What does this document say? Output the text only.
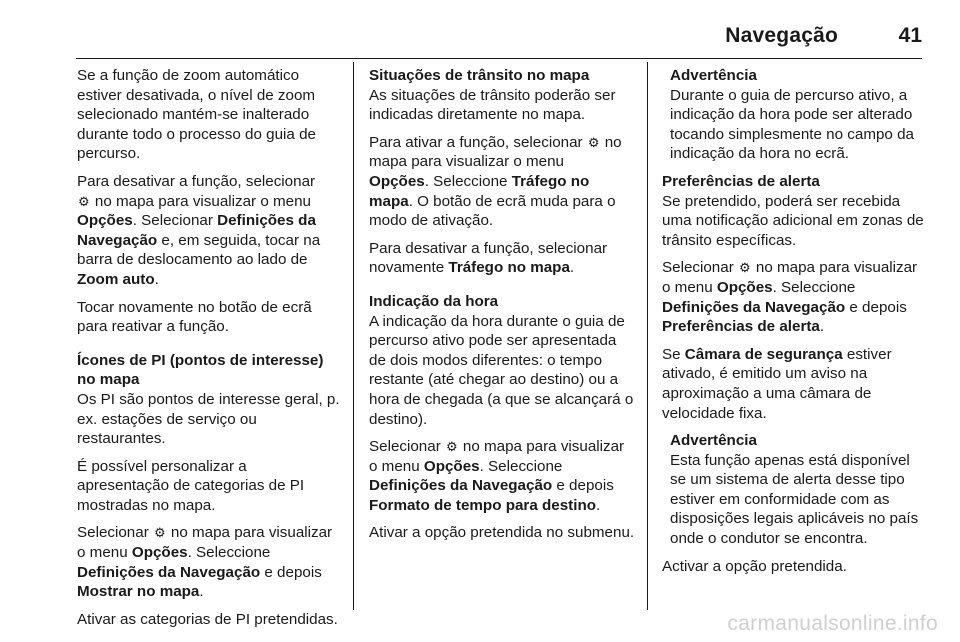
Navegação	41

Se a função de zoom automático estiver desativada, o nível de zoom selecionado mantém-se inalterado durante todo o processo do guia de percurso.

Para desativar a função, selecionar
⚙ no mapa para visualizar o menu Opções. Selecionar Definições da Navegação e, em seguida, tocar na barra de deslocamento ao lado de Zoom auto.

Tocar novamente no botão de ecrã para reativar a função.

Ícones de PI (pontos de interesse) no mapa

Os PI são pontos de interesse geral, p. ex. estações de serviço ou restaurantes.

É possível personalizar a apresentação de categorias de PI mostradas no mapa.

Selecionar ⚙ no mapa para visualizar o menu Opções. Seleccione
Definições da Navegação e depois
Mostrar no mapa.

Ativar as categorias de PI pretendidas.

Situações de trânsito no mapa

As situações de trânsito poderão ser indicadas diretamente no mapa.

Para ativar a função, selecionar ⚙ no mapa para visualizar o menu
Opções. Seleccione Tráfego no mapa. O botão de ecrã muda para o modo de ativação.

Para desativar a função, selecionar novamente Tráfego no mapa.

Indicação da hora

A indicação da hora durante o guia de percurso ativo pode ser apresentada de dois modos diferentes: o tempo restante (até chegar ao destino) ou a hora de chegada (a que se alcançará o destino).

Selecionar ⚙ no mapa para visualizar o menu Opções. Seleccione
Definições da Navegação e depois
Formato de tempo para destino.

Ativar a opção pretendida no submenu.

Advertência
Durante o guia de percurso ativo, a indicação da hora pode ser alterado tocando simplesmente no campo da indicação da hora no ecrã.

Preferências de alerta

Se pretendido, poderá ser recebida uma notificação adicional em zonas de trânsito específicas.

Selecionar ⚙ no mapa para visualizar o menu Opções. Seleccione
Definições da Navegação e depois
Preferências de alerta.

Se Câmara de segurança estiver ativado, é emitido um aviso na aproximação a uma câmara de velocidade fixa.

Advertência
Esta função apenas está disponível se um sistema de alerta desse tipo estiver em conformidade com as disposições legais aplicáveis no país onde o condutor se encontra.

Activar a opção pretendida.

carmanualsonline.info
